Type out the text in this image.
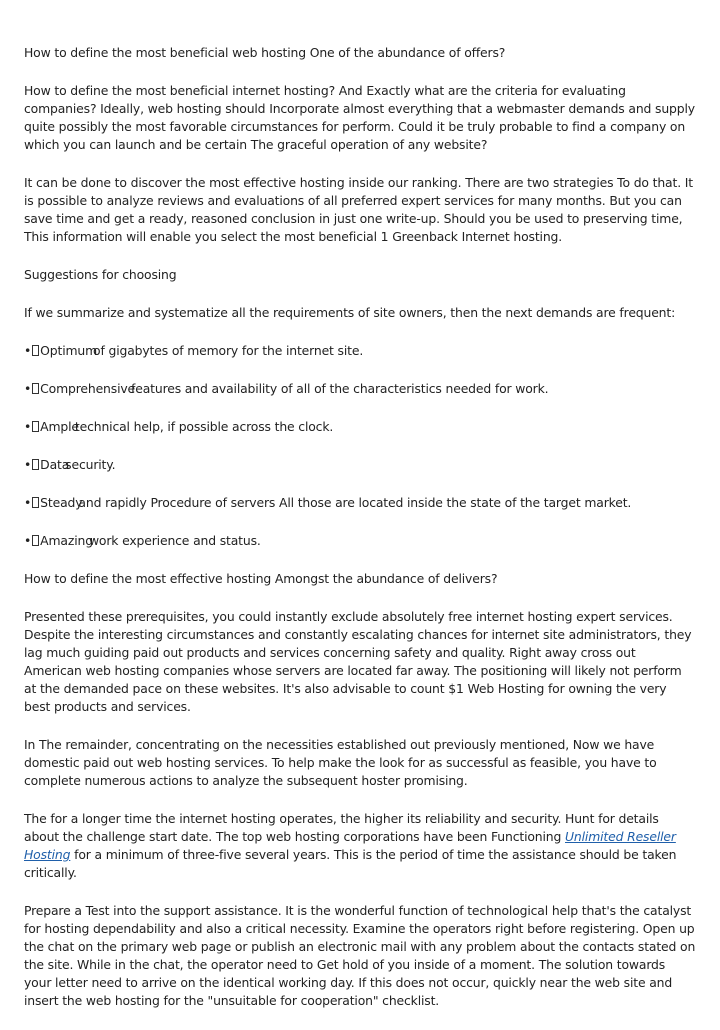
How to define the most beneficial web hosting One of the abundance of offers?

How to define the most beneficial internet hosting? And Exactly what are the criteria for evaluating companies? Ideally, web hosting should Incorporate almost everything that a webmaster demands and supply quite possibly the most favorable circumstances for perform. Could it be truly probable to find a company on which you can launch and be certain The graceful operation of any website?

It can be done to discover the most effective hosting inside our ranking. There are two strategies To do that. It is possible to analyze reviews and evaluations of all preferred expert services for many months. But you can save time and get a ready, reasoned conclusion in just one write-up. Should you be used to preserving time, This information will enable you select the most beneficial 1 Greenback Internet hosting.

Suggestions for choosing

If we summarize and systematize all the requirements of site owners, then the next demands are frequent:

• Optimumof gigabytes of memory for the internet site.
• Comprehensivefeatures and availability of all of the characteristics needed for work.
• Ampletechnical help, if possible across the clock.
• Datasecurity.
• Steadyand rapidly Procedure of servers All those are located inside the state of the target market.
• Amazingwork experience and status.

How to define the most effective hosting Amongst the abundance of delivers?

Presented these prerequisites, you could instantly exclude absolutely free internet hosting expert services. Despite the interesting circumstances and constantly escalating chances for internet site administrators, they lag much guiding paid out products and services concerning safety and quality. Right away cross out American web hosting companies whose servers are located far away. The positioning will likely not perform at the demanded pace on these websites. It's also advisable to count $1 Web Hosting for owning the very best products and services.

In The remainder, concentrating on the necessities established out previously mentioned, Now we have domestic paid out web hosting services. To help make the look for as successful as feasible, you have to complete numerous actions to analyze the subsequent hoster promising.

The for a longer time the internet hosting operates, the higher its reliability and security. Hunt for details about the challenge start date. The top web hosting corporations have been Functioning Unlimited Reseller Hosting for a minimum of three-five several years. This is the period of time the assistance should be taken critically.

Prepare a Test into the support assistance. It is the wonderful function of technological help that's the catalyst for hosting dependability and also a critical necessity. Examine the operators right before registering. Open up the chat on the primary web page or publish an electronic mail with any problem about the contacts stated on the site. While in the chat, the operator need to Get hold of you inside of a moment. The solution towards your letter need to arrive on the identical working day. If this does not occur, quickly near the web site and insert the web hosting for the "unsuitable for cooperation" checklist.
